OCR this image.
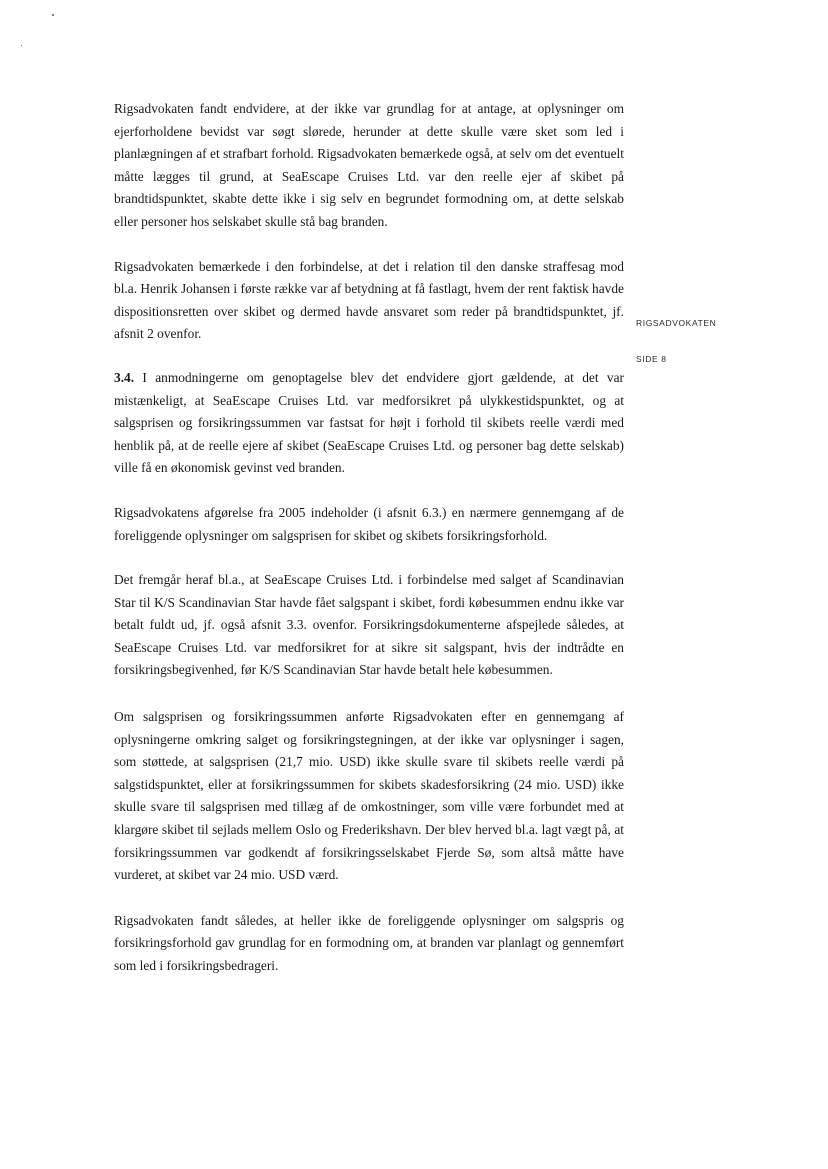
Rigsadvokaten fandt endvidere, at der ikke var grundlag for at antage, at oplysninger om ejerforholdene bevidst var søgt slørede, herunder at dette skulle være sket som led i planlægningen af et strafbart forhold. Rigsadvokaten bemærkede også, at selv om det eventuelt måtte lægges til grund, at SeaEscape Cruises Ltd. var den reelle ejer af skibet på brandtidspunktet, skabte dette ikke i sig selv en begrundet formodning om, at dette selskab eller personer hos selskabet skulle stå bag branden.

Rigsadvokaten bemærkede i den forbindelse, at det i relation til den danske straffesag mod bl.a. Henrik Johansen i første række var af betydning at få fastlagt, hvem der rent faktisk havde dispositionsretten over skibet og dermed havde ansvaret som reder på brandtidspunktet, jf. afsnit 2 ovenfor.

3.4. I anmodningerne om genoptagelse blev det endvidere gjort gældende, at det var mistænkeligt, at SeaEscape Cruises Ltd. var medforsikret på ulykkestidspunktet, og at salgsprisen og forsikringssummen var fastsat for højt i forhold til skibets reelle værdi med henblik på, at de reelle ejere af skibet (SeaEscape Cruises Ltd. og personer bag dette selskab) ville få en økonomisk gevinst ved branden.

Rigsadvokatens afgørelse fra 2005 indeholder (i afsnit 6.3.) en nærmere gennemgang af de foreliggende oplysninger om salgsprisen for skibet og skibets forsikringsforhold.

Det fremgår heraf bl.a., at SeaEscape Cruises Ltd. i forbindelse med salget af Scandinavian Star til K/S Scandinavian Star havde fået salgspant i skibet, fordi købesummen endnu ikke var betalt fuldt ud, jf. også afsnit 3.3. ovenfor. Forsikringsdokumenterne afspejlede således, at SeaEscape Cruises Ltd. var medforsikret for at sikre sit salgspant, hvis der indtrådte en forsikringsbegivenhed, før K/S Scandinavian Star havde betalt hele købesummen.

Om salgsprisen og forsikringssummen anførte Rigsadvokaten efter en gennemgang af oplysningerne omkring salget og forsikringstegningen, at der ikke var oplysninger i sagen, som støttede, at salgsprisen (21,7 mio. USD) ikke skulle svare til skibets reelle værdi på salgstidspunktet, eller at forsikringssummen for skibets skadesforsikring (24 mio. USD) ikke skulle svare til salgsprisen med tillæg af de omkostninger, som ville være forbundet med at klargøre skibet til sejlads mellem Oslo og Frederikshavn. Der blev herved bl.a. lagt vægt på, at forsikringssummen var godkendt af forsikringsselskabet Fjerde Sø, som altså måtte have vurderet, at skibet var 24 mio. USD værd.

Rigsadvokaten fandt således, at heller ikke de foreliggende oplysninger om salgspris og forsikringsforhold gav grundlag for en formodning om, at branden var planlagt og gennemført som led i forsikringsbedrageri.

RIGSADVOKATEN
SIDE 8
